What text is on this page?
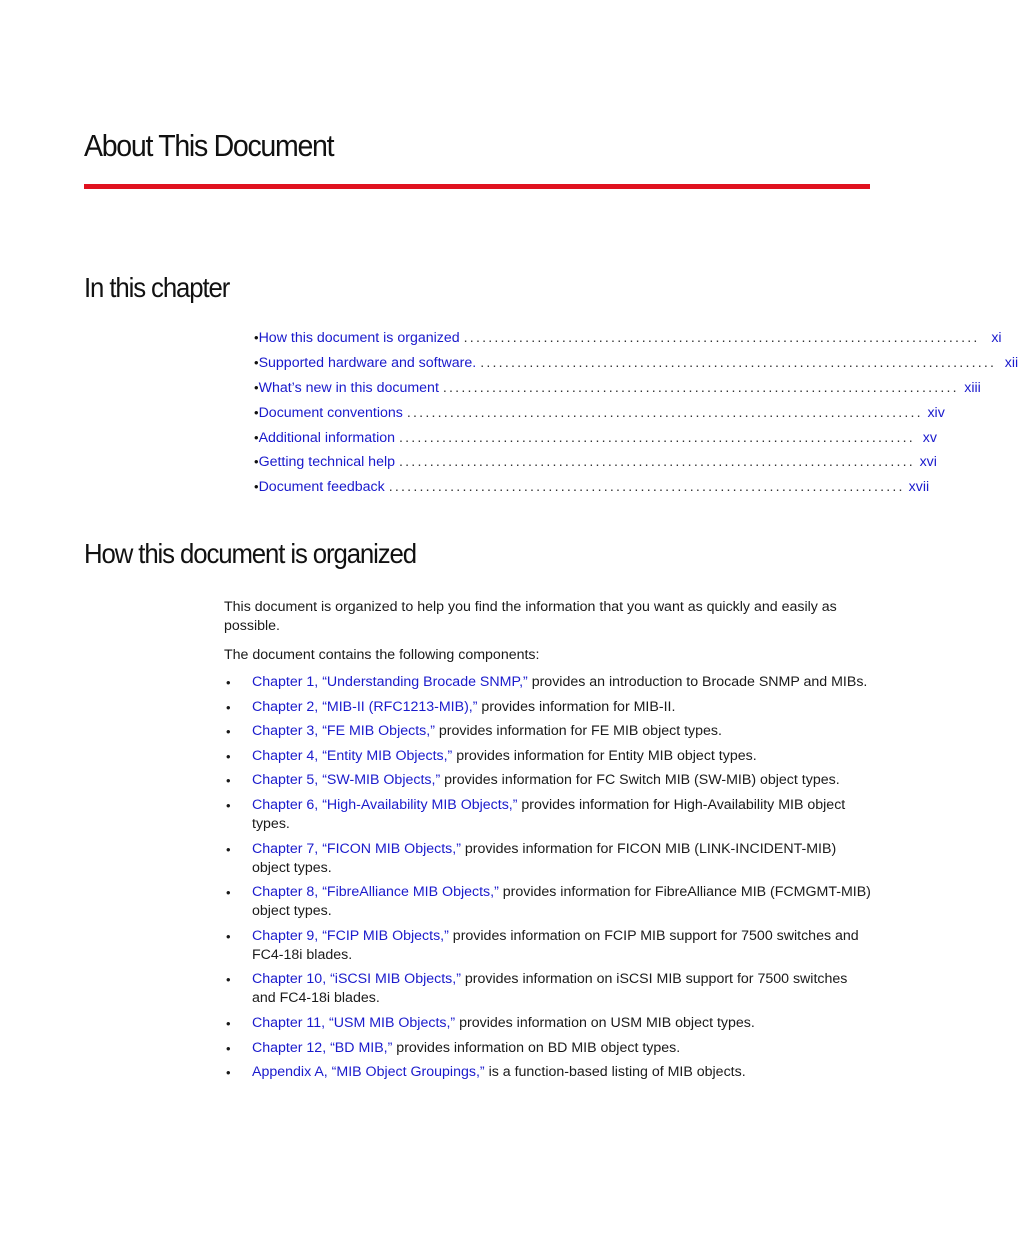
About This Document
In this chapter
• How this document is organized .................................................................................... xi
• Supported hardware and software. .................................................................................... xii
• What’s new in this document .................................................................................... xiii
• Document conventions .................................................................................... xiv
• Additional information .................................................................................... xv
• Getting technical help .................................................................................... xvi
• Document feedback .................................................................................... xvii
How this document is organized

This document is organized to help you find the information that you want as quickly and easily as possible.

The document contains the following components:

• Chapter 1, “Understanding Brocade SNMP,” provides an introduction to Brocade SNMP and MIBs.
• Chapter 2, “MIB-II (RFC1213-MIB),” provides information for MIB-II.
• Chapter 3, “FE MIB Objects,” provides information for FE MIB object types.
• Chapter 4, “Entity MIB Objects,” provides information for Entity MIB object types.
• Chapter 5, “SW-MIB Objects,” provides information for FC Switch MIB (SW-MIB) object types.
• Chapter 6, “High-Availability MIB Objects,” provides information for High-Availability MIB object types.
• Chapter 7, “FICON MIB Objects,” provides information for FICON MIB (LINK-INCIDENT-MIB) object types.
• Chapter 8, “FibreAlliance MIB Objects,” provides information for FibreAlliance MIB (FCMGMT-MIB) object types.
• Chapter 9, “FCIP MIB Objects,” provides information on FCIP MIB support for 7500 switches and FC4-18i blades.
• Chapter 10, “iSCSI MIB Objects,” provides information on iSCSI MIB support for 7500 switches and FC4-18i blades.
• Chapter 11, “USM MIB Objects,” provides information on USM MIB object types.
• Chapter 12, “BD MIB,” provides information on BD MIB object types.
• Appendix A, “MIB Object Groupings,” is a function-based listing of MIB objects.
